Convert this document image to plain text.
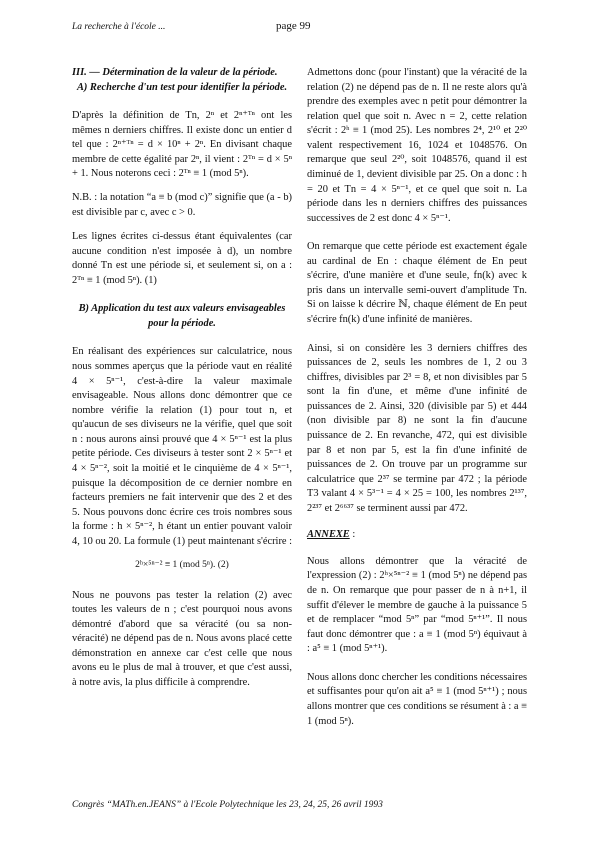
La recherche à l'école ...	page 99
III. — Détermination de la valeur de la période.
A) Recherche d'un test pour identifier la période.

D'après la définition de Tn, 2ⁿ et 2ⁿ⁺ᵀⁿ ont les mêmes n derniers chiffres. Il existe donc un entier d tel que : 2ⁿ⁺ᵀⁿ = d × 10ⁿ + 2ⁿ. En divisant chaque membre de cette égalité par 2ⁿ, il vient : 2ᵀⁿ = d × 5ⁿ + 1. Nous noterons ceci : 2ᵀⁿ ≡ 1 (mod 5ⁿ).

N.B. : la notation “a ≡ b (mod c)” signifie que (a - b) est divisible par c, avec c > 0.

Les lignes écrites ci-dessus étant équivalentes (car aucune condition n'est imposée à d), un nombre donné Tn est une période si, et seulement si, on a : 2ᵀⁿ ≡ 1 (mod 5ⁿ). (1)

B) Application du test aux valeurs envisageables pour la période.

En réalisant des expériences sur calculatrice, nous nous sommes aperçus que la période vaut en réalité 4 × 5ⁿ⁻¹, c'est-à-dire la valeur maximale envisageable. Nous allons donc démontrer que ce nombre vérifie la relation (1) pour tout n, et qu'aucun de ses diviseurs ne la vérifie, quel que soit n : nous aurons ainsi prouvé que 4 × 5ⁿ⁻¹ est la plus petite période. Ces diviseurs à tester sont 2 × 5ⁿ⁻¹ et 4 × 5ⁿ⁻², soit la moitié et le cinquième de 4 × 5ⁿ⁻¹, puisque la décomposition de ce dernier nombre en facteurs premiers ne fait intervenir que des 2 et des 5. Nous pouvons donc écrire ces trois nombres sous la forme : h × 5ⁿ⁻², h étant un entier pouvant valoir 4, 10 ou 20. La formule (1) peut maintenant s'écrire :

2ʰ×⁵ⁿ⁻² ≡ 1 (mod 5ⁿ). (2)

Nous ne pouvons pas tester la relation (2) avec toutes les valeurs de n ; c'est pourquoi nous avons démontré d'abord que sa véracité (ou sa non-véracité) ne dépend pas de n. Nous avons placé cette démonstration en annexe car c'est celle que nous avons eu le plus de mal à trouver, et que c'est aussi, à notre avis, la plus difficile à comprendre.

Admettons donc (pour l'instant) que la véracité de la relation (2) ne dépend pas de n. Il ne reste alors qu'à prendre des exemples avec n petit pour démontrer la relation quel que soit n. Avec n = 2, cette relation s'écrit : 2ʰ ≡ 1 (mod 25). Les nombres 2⁴, 2¹⁰ et 2²⁰ valent respectivement 16, 1024 et 1048576. On remarque que seul 2²⁰, soit 1048576, quand il est diminué de 1, devient divisible par 25. On a donc : h = 20 et Tn = 4 × 5ⁿ⁻¹, et ce quel que soit n. La période dans les n derniers chiffres des puissances successives de 2 est donc 4 × 5ⁿ⁻¹.

On remarque que cette période est exactement égale au cardinal de En : chaque élément de En peut s'écrire, d'une manière et d'une seule, fn(k) avec k pris dans un intervalle semi-ouvert d'amplitude Tn. Si on laisse k décrire ℕ, chaque élément de En peut s'écrire fn(k) d'une infinité de manières.

Ainsi, si on considère les 3 derniers chiffres des puissances de 2, seuls les nombres de 1, 2 ou 3 chiffres, divisibles par 2³ = 8, et non divisibles par 5 sont la fin d'une, et même d'une infinité de puissances de 2. Ainsi, 320 (divisible par 5) et 444 (non divisible par 8) ne sont la fin d'aucune puissance de 2. En revanche, 472, qui est divisible par 8 et non par 5, est la fin d'une infinité de puissances de 2. On trouve par un programme sur calculatrice que 2³⁷ se termine par 472 ; la période T3 valant 4 × 5³⁻¹ = 4 × 25 = 100, les nombres 2¹³⁷, 2²³⁷ et 2⁶⁶³⁷ se terminent aussi par 472.

ANNEXE :

Nous allons démontrer que la véracité de l'expression (2) : 2ʰ×⁵ⁿ⁻² ≡ 1 (mod 5ⁿ) ne dépend pas de n. On remarque que pour passer de n à n+1, il suffit d'élever le membre de gauche à la puissance 5 et de remplacer “mod 5ⁿ” par “mod 5ⁿ⁺¹”. Il nous faut donc démontrer que : a ≡ 1 (mod 5ⁿ) équivaut à : a⁵ ≡ 1 (mod 5ⁿ⁺¹).

Nous allons donc chercher les conditions nécessaires et suffisantes pour qu'on ait a⁵ ≡ 1 (mod 5ⁿ⁺¹) ; nous allons montrer que ces conditions se résument à : a ≡ 1 (mod 5ⁿ).

Congrès “MATh.en.JEANS” à l'Ecole Polytechnique les 23, 24, 25, 26 avril 1993
